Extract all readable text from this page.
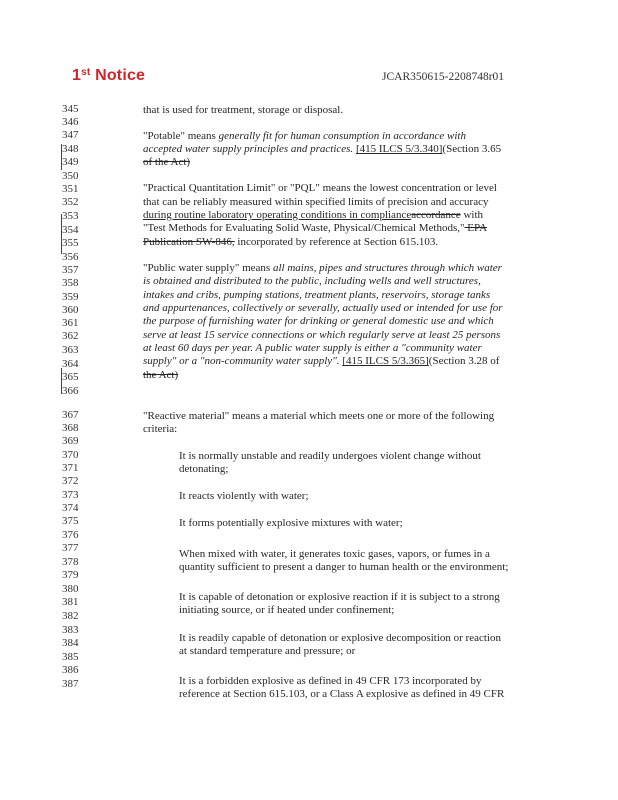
1st Notice	JCAR350615-2208748r01
345
346
347
348
349
350
351
352
353
354
355
356
357
358
359
360
361
362
363
364
365
366
367
368
369
370
371
372
373
374
375
376
377
378
379
380
381
382
383
384
385
386
387
that is used for treatment, storage or disposal.
"Potable" means generally fit for human consumption in accordance with
accepted water supply principles and practices. [415 ILCS 5/3.340](Section 3.65
of the Act)
"Practical Quantitation Limit" or "PQL" means the lowest concentration or level
that can be reliably measured within specified limits of precision and accuracy
during routine laboratory operating conditions in complianceaccordance with
"Test Methods for Evaluating Solid Waste, Physical/Chemical Methods," EPA
Publication SW-846, incorporated by reference at Section 615.103.
"Public water supply" means all mains, pipes and structures through which water
is obtained and distributed to the public, including wells and well structures,
intakes and cribs, pumping stations, treatment plants, reservoirs, storage tanks
and appurtenances, collectively or severally, actually used or intended for use for
the purpose of furnishing water for drinking or general domestic use and which
serve at least 15 service connections or which regularly serve at least 25 persons
at least 60 days per year. A public water supply is either a "community water
supply" or a "non-community water supply". [415 ILCS 5/3.365](Section 3.28 of
the Act)
"Reactive material" means a material which meets one or more of the following
criteria:
It is normally unstable and readily undergoes violent change without
detonating;
It reacts violently with water;
It forms potentially explosive mixtures with water;
When mixed with water, it generates toxic gases, vapors, or fumes in a
quantity sufficient to present a danger to human health or the environment;
It is capable of detonation or explosive reaction if it is subject to a strong
initiating source, or if heated under confinement;
It is readily capable of detonation or explosive decomposition or reaction
at standard temperature and pressure; or
It is a forbidden explosive as defined in 49 CFR 173 incorporated by
reference at Section 615.103, or a Class A explosive as defined in 49 CFR
